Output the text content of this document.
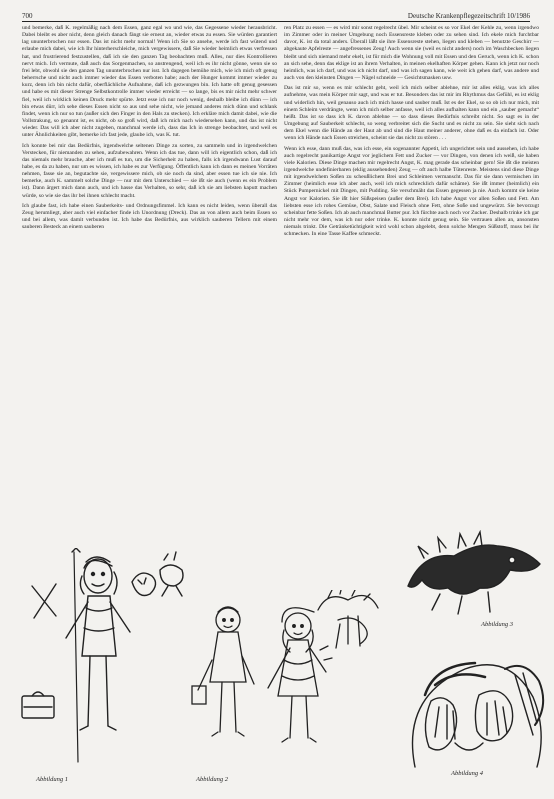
700	Deutsche Krankenpflegezeitschrift 10/1986

und bemerke, daß K. regelmäßig nach dem Essen, ganz egal wo und wie, das Gegessene wieder herausbricht. Dabei bleibt es aber nicht, denn gleich danach fängt sie erneut an, wieder etwas zu essen. Sie würden garantiert lag ununterbrochen nur essen. Das ist nicht mehr normal! Wenn ich Sie so ansehe, werde ich fast wütend und erlaube mich dabei, wie ich Ihr hinterherschleiche, mich vergewissere, daß Sie wieder heimlich etwas verfressen hat, und frustrierend festzustellen, daß ich sie den ganzen Tag beobachten muß. Alles, nur dies Kontrollieren nervt mich. Ich vermute, daß auch das Sorgenmachen, so anstrengend, weil ich es ihr nicht gönne, wenn sie so frei lebt, obwohl sie den ganzen Tag ununterbrochen nur isst. Ich dagegen bemühe mich, wie ich mich oft genug beherrsche und nicht auch immer wieder das Essen verboten habe; auch der Hunger kommt immer wieder zu kurz, denn ich bin nicht dafür, oberflächliche Aufnahme, daß ich gezwungen bin. Ich hatte oft genug gesessen und habe es mit dieser Strenge Selbstkontrolle immer wieder erreicht — so lange, bis es mir nicht mehr schwer fiel, weil ich wirklich keinen Druck mehr spürte. Jetzt esse ich nur noch wenig, deshalb bleibe ich dünn — ich bin etwas dürr, ich sehe dieses Essen nicht so aus und sehe nicht, wie jemand anderes mich dünn und schlank findet, wenn ich nur so tun (außer sich den Finger in den Hals zu stecken). Ich erkläre mich damit dabei, wie die Vollstrakung, so genannt ist, es nicht, ob so groß wird, daß ich mich nach wiedersehen kann, und das ist nicht wieder. Das will ich aber nicht zugeben, manchmal werde ich, dass das Ich in strenge beobachtet, und weil es unter Ähnlichkeiten gibt, bemerke ich fast jede, glaube ich, was K. tut.

Ich konnte bei mir das Bedürfnis, irgendwelche seltenen Dinge zu sorten, zu sammeln und in irgendwelchen Verstecken, für niemanden zu sehen, aufzubewahren. Wenn ich das tue, dann will ich eigentlich schon, daß ich das niemals mehr brauche, aber ich muß es tun, um die Sicherheit zu haben, falls ich irgendwann Lust darauf habe, es da zu haben, nur um es wissen, ich habe es zur Verfügung. Öffentlich kann ich dann es meinen Vorräten nehmen, fasse sie an, begutachte sie, vergewissere mich, ob sie noch da sind, aber essen tue ich sie nie. Ich bemerke, auch K. sammelt solche Dinge — nur mit dem Unterschied — sie ißt sie auch (wenn es ein Problem ist). Dann ärgert mich dann auch, und ich hasse das Verhalten, so sehr, daß ich sie am liebsten kaputt machen würde, so wie sie das ihr bei ihnen schlecht macht.

Ich glaube fast, ich habe einen Sauberkeits- und Ordnungsfimmel. Ich kann es nicht leiden, wenn überall das Zeug herumliegt, aber auch viel einfacher finde ich Unordnung (Dreck). Das an von allem auch beim Essen so und bei allem, was damit verbunden ist. Ich habe das Bedürfnis, aus wirklich sauberen Tellern mit einem sauberen Besteck an einem sauberen

ren Platz zu essen — es wird mir sonst regelrecht übel. Mir scheint es so vor Ekel der Kehle zu, wenn irgendwo im Zimmer oder in meiner Umgebung noch Essensreste kleben oder zu sehen sind. Ich ekele mich furchtbar davor, K. ist da total anders. Überall läßt sie ihre Essensreste stehen, liegen und kleben — benutzte Geschirr — abgekaute Apfelreste — angefressenes Zeug! Auch wenn sie (weil es nicht anders) noch im Waschbecken liegen bleibt und sich niemand mehr ekelt, ist für mich die Wohnung voll mit Essen und den Geruch, wenn ich K. schon an sich sehe, denn das eklige ist an ihrem Verhalten, in meinen ekelhaften Körper gehen. Kann ich jetzt nur noch heimlich, was ich darf, und was ich nicht darf, und was ich sagen kann, wie weit ich gehen darf, was andere und auch von den kleinsten Dingen — Nägel schneide — Gesichtsmasken usw.

Das ist mir so, wenn es mir schlecht geht, weil ich mich selber ablehne, mir ist alles eklig, was ich alles aufnehme, was mein Körper mir sagt, und was er tut. Besonders das ist mir im Rhythmus das Gefühl, es ist eklig und widerlich hin, weil genauso auch ich mich hasse und sauber muß. Ist es der Ekel, so so ob ich nur mich, mit einem Schleim verdrängte, wenn ich mich selber anfasse, weil ich alles aufhalten kann und ein „sauber gemacht“ heißt. Das ist so dass ich K. davon ablehne — so dass dieses Bedürfnis schreibt nicht. So sagt es in der Umgebung auf Sauberkeit schlecht, so weng verbreitet sich die Sucht und es nicht zu sein. Sie sieht sich nach dem Ekel wenn die Hände an der Haut ab und sind die Haut meiner anderer, ohne daß es da einfach ist. Oder wenn ich Hände nach Essen streichen, scheint sie das nicht zu stören . . .

Wenn ich esse, dann muß das, was ich esse, ein sogenannter Appetit, ich ungerichtet sein und aussehen, ich habe auch regelrecht panikartige Angst vor jeglichem Fett und Zucker — vor Dingen, von denen ich weiß, sie haben viele Kalorien. Diese Dinge machen mir regelrecht Angst, K. mag gerade das scheinbar gern! Sie ißt die meisten irgendwelche undefinierbaren (eklig aussehenden) Zeug — oft auch halbe Tütenreste. Meistens sind diese Dinge mit irgendwelchem Soßen zu scheußlichem Brei und Schleimen vermanscht. Das für sie dann vermischen im Zimmer (heimlich esse ich aber auch, weil ich mich schrecklich dafür schäme). Sie ißt immer (heimlich) ein Stück Pumpernickel mit Dingen, mit Pudding. Sie verschmäht das Essen gegessen ja nie. Auch kommt sie keine Angst vor Kalorien. Sie ißt hier Süßspeisen (außer dem Brei). Ich habe Angst vor allen Soßen und Fett. Am liebsten esse ich rohes Gemüse, Obst, Salate und Fleisch ohne Fett, ohne Soße und ungewürzt. Sie bevorzugt scheinbar fette Soßen. Ich ab auch manchmal Butter pur. Ich fürchte auch noch vor Zucker. Deshalb trinke ich gar nicht mehr vor dem, was ich nur oder trinke. K. konnte nicht genug sein. Sie vertrauen allen an, ansonsten niemals trinkt. Die Getränketüchtigkeit wird wohl schon abgelebt, denn solche Mengen Süßstoff, muss bei ihr schmecken. In eine Tasse Kaffee schmeckt.

Abbildung 1	Abbildung 2
Abbildung 3
Abbildung 4
